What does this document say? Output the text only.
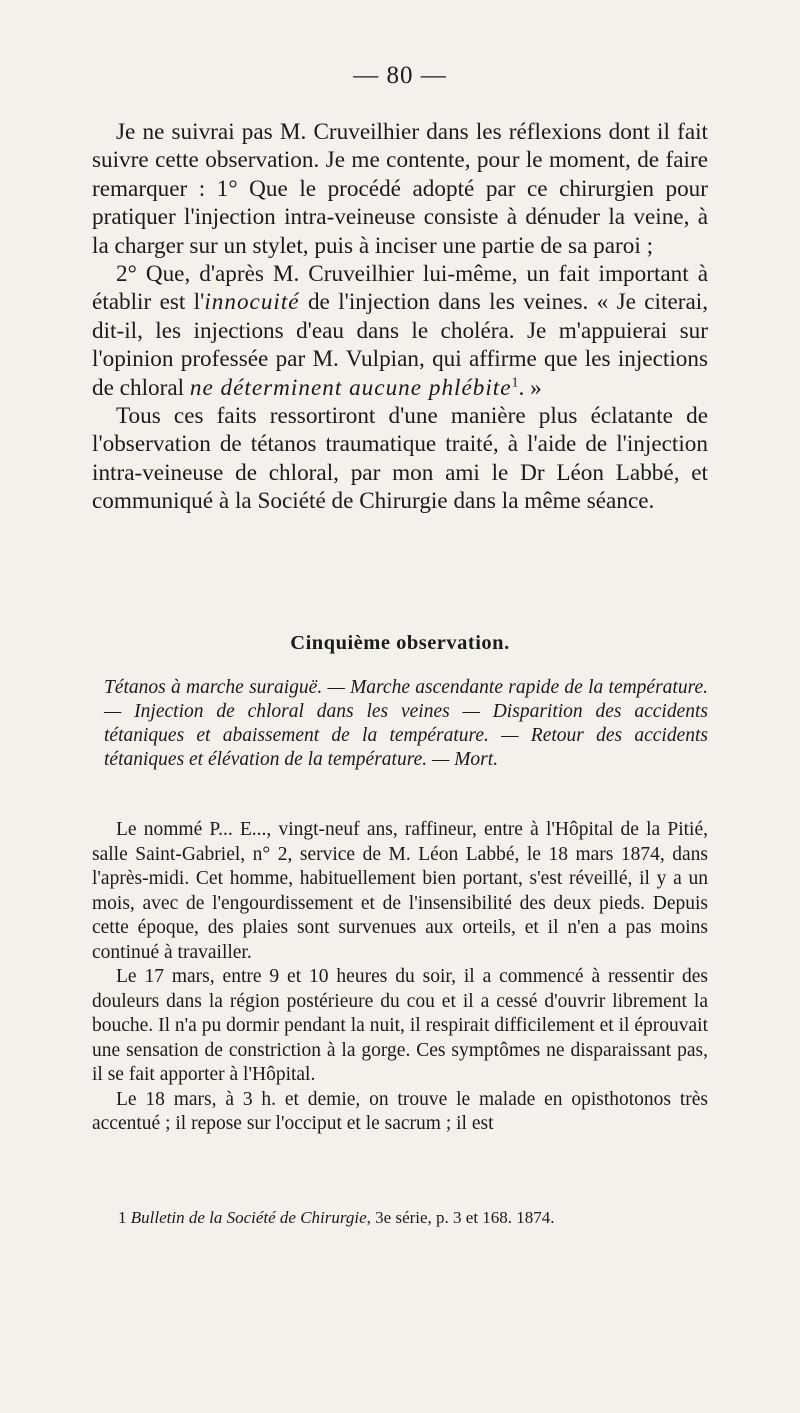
— 80 —

Je ne suivrai pas M. Cruveilhier dans les réflexions dont il fait suivre cette observation. Je me contente, pour le moment, de faire remarquer : 1° Que le procédé adopté par ce chirurgien pour pratiquer l'injection intra-veineuse consiste à dénuder la veine, à la charger sur un stylet, puis à inciser une partie de sa paroi ;

2° Que, d'après M. Cruveilhier lui-même, un fait important à établir est l'innocuité de l'injection dans les veines. « Je citerai, dit-il, les injections d'eau dans le choléra. Je m'appuierai sur l'opinion professée par M. Vulpian, qui affirme que les injections de chloral ne déterminent aucune phlébite$^1$. »

Tous ces faits ressortiront d'une manière plus éclatante de l'observation de tétanos traumatique traité, à l'aide de l'injection intra-veineuse de chloral, par mon ami le Dr Léon Labbé, et communiqué à la Société de Chirurgie dans la même séance.

Cinquième observation.

Tétanos à marche suraiguë. — Marche ascendante rapide de la température. — Injection de chloral dans les veines — Disparition des accidents tétaniques et abaissement de la température. — Retour des accidents tétaniques et élévation de la température. — Mort.

Le nommé P... E..., vingt-neuf ans, raffineur, entre à l'Hôpital de la Pitié, salle Saint-Gabriel, n° 2, service de M. Léon Labbé, le 18 mars 1874, dans l'après-midi. Cet homme, habituellement bien portant, s'est réveillé, il y a un mois, avec de l'engourdissement et de l'insensibilité des deux pieds. Depuis cette époque, des plaies sont survenues aux orteils, et il n'en a pas moins continué à travailler.

Le 17 mars, entre 9 et 10 heures du soir, il a commencé à ressentir des douleurs dans la région postérieure du cou et il a cessé d'ouvrir librement la bouche. Il n'a pu dormir pendant la nuit, il respirait difficilement et il éprouvait une sensation de constriction à la gorge. Ces symptômes ne disparaissant pas, il se fait apporter à l'Hôpital.

Le 18 mars, à 3 h. et demie, on trouve le malade en opisthotonos très accentué ; il repose sur l'occiput et le sacrum ; il est

1 Bulletin de la Société de Chirurgie, 3e série, p. 3 et 168. 1874.
